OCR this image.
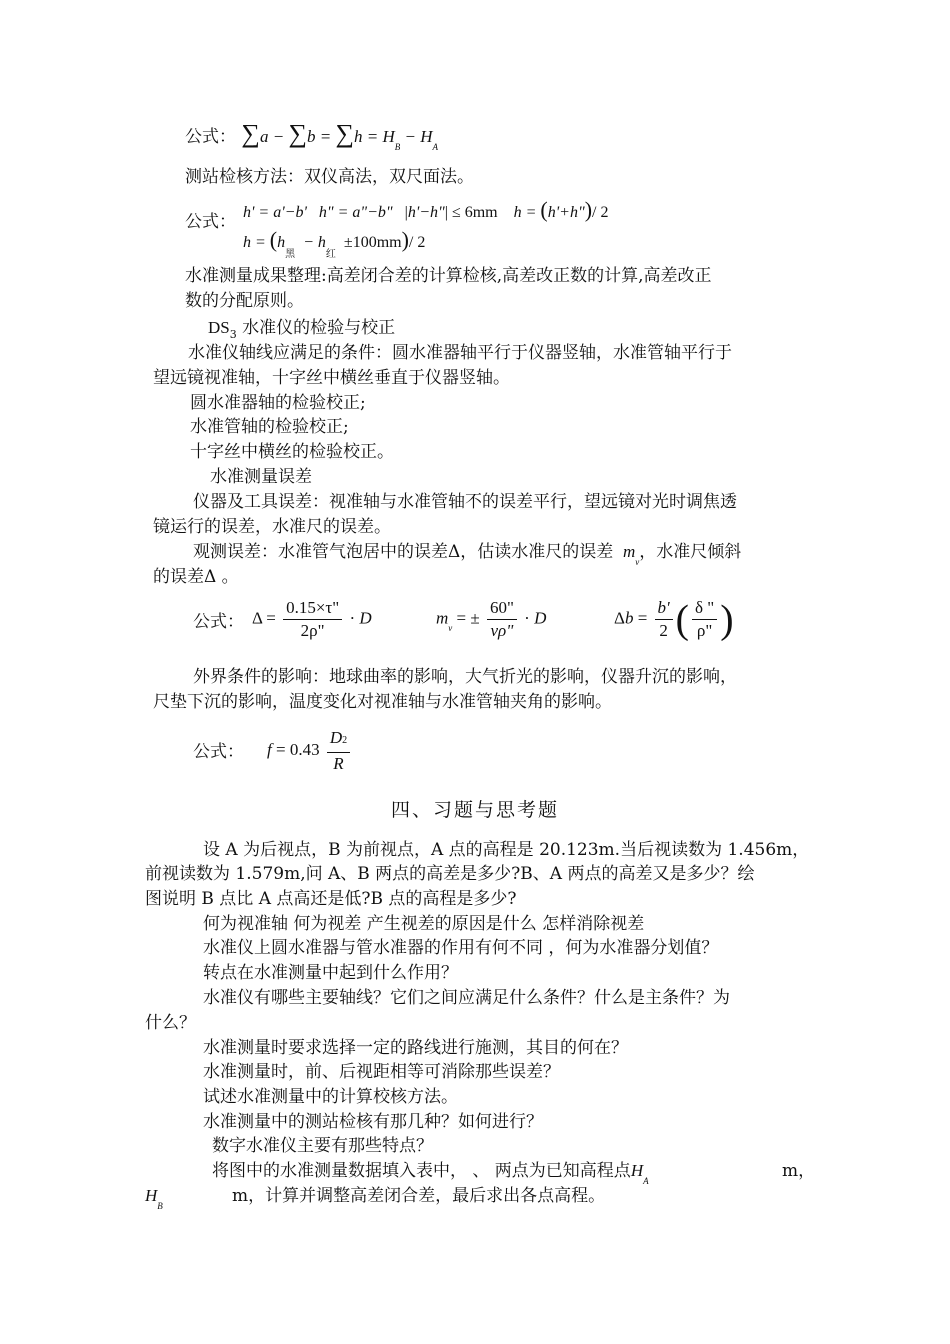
公式： $\sum a - \sum b = \sum h = H_B - H_A$
测站检核方法：双仪高法，双尺面法。
公式： h' = a'−b'   h" = a"−b"   |h'−h"| ≤ 6mm    h = (h'+h")/ 2
$h = (h_黑 - h_红 \pm 100mm)/$ 2
水准测量成果整理:高差闭合差的计算检核,高差改正数的计算,高差改正
数的分配原则。
$DS_3$ 水准仪的检验与校正
水准仪轴线应满足的条件：圆水准器轴平行于仪器竖轴，水准管轴平行于
望远镜视准轴，十字丝中横丝垂直于仪器竖轴。
圆水准器轴的检验校正;
水准管轴的检验校正;
十字丝中横丝的检验校正。
水准测量误差
仪器及工具误差：视准轴与水准管轴不的误差平行，望远镜对光时调焦透
镜运行的误差，水准尺的误差。
观测误差：水准管气泡居中的误差Δ，估读水准尺的误差  $m_v$，水准尺倾斜
的误差Δ 。
公式： $\Delta = \frac{0.15\times\tau"}{2\rho"} \cdot D$	$m_v$ = ± $\frac{60"}{v\rho"} \cdot D$	$\Delta b = \frac{b'}{2}$ ( $\frac{\delta "}{\rho"}$ )
外界条件的影响：地球曲率的影响，大气折光的影响，仪器升沉的影响，
尺垫下沉的影响，温度变化对视准轴与水准管轴夹角的影响。
公式： $f = 0.43 \frac{D2}{R}$
四、习题与思考题
设 A 为后视点，B 为前视点，A 点的高程是 20.123m.当后视读数为 1.456m，
前视读数为 1.579m,问 A、B 两点的高差是多少?B、A 两点的高差又是多少？绘
图说明 B 点比 A 点高还是低?B 点的高程是多少?
何为视准轴 何为视差 产生视差的原因是什么 怎样消除视差
水准仪上圆水准器与管水准器的作用有何不同 ，何为水准器分划值？
转点在水准测量中起到什么作用？
水准仪有哪些主要轴线？它们之间应满足什么条件？什么是主条件？为
什么？
水准测量时要求选择一定的路线进行施测，其目的何在？
水准测量时，前、后视距相等可消除那些误差？
试述水准测量中的计算校核方法。
水准测量中的测站检核有那几种？如何进行？
数字水准仪主要有那些特点？
将图中的水准测量数据填入表中， 、 两点为已知高程点$H_A$	m，
$H_B$	m，计算并调整高差闭合差，最后求出各点高程。
